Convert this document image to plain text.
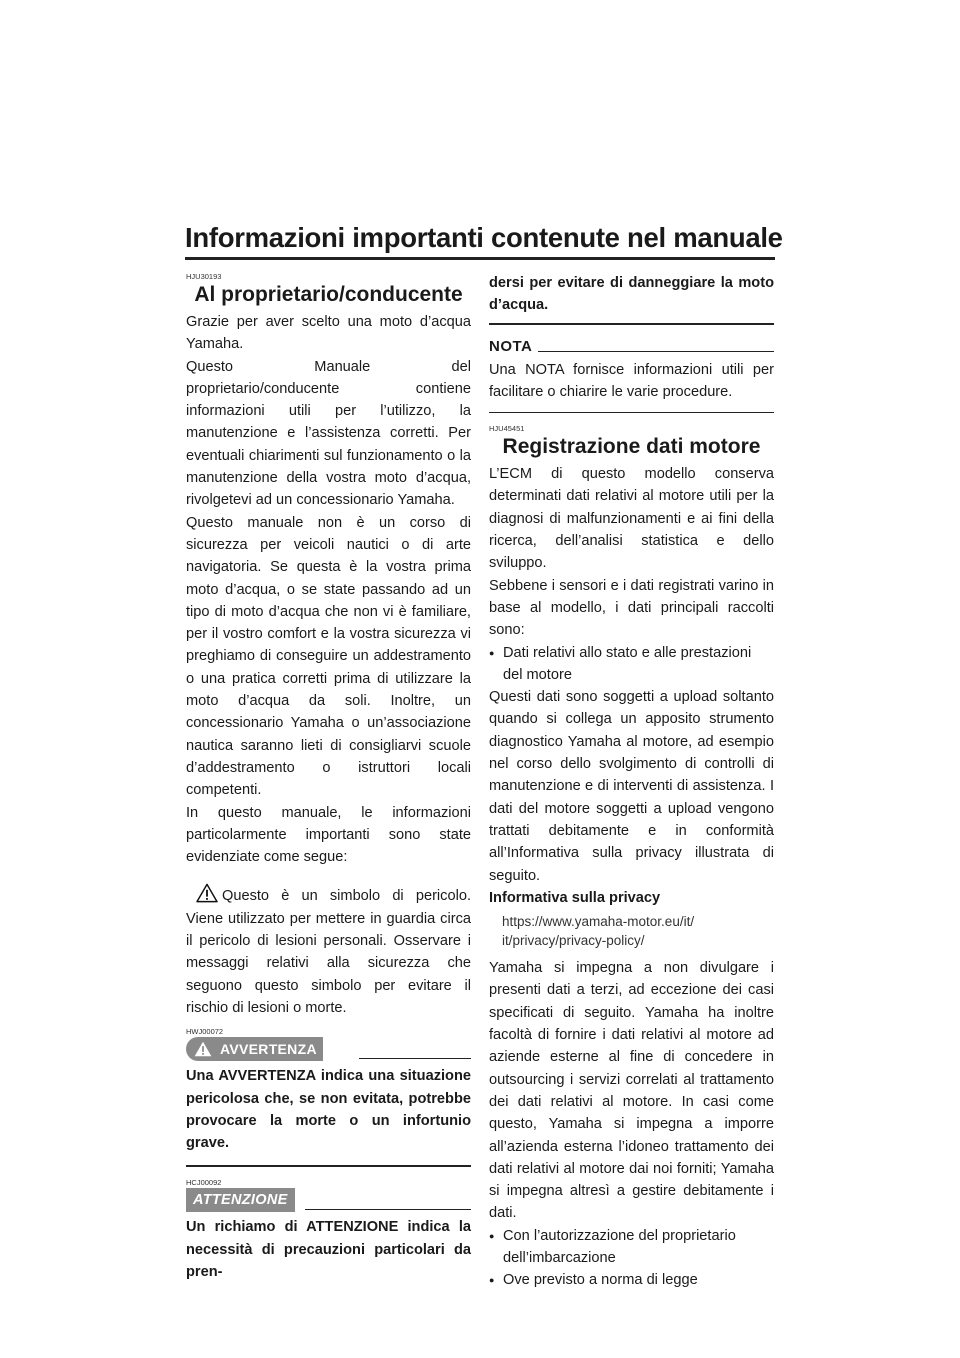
Informazioni importanti contenute nel manuale
HJU30193
Al proprietario/conducente

Grazie per aver scelto una moto d’acqua Yamaha.

Questo Manuale del proprietario/conducente contiene informazioni utili per l’utilizzo, la manutenzione e l’assistenza corretti. Per eventuali chiarimenti sul funzionamento o la manutenzione della vostra moto d’acqua, rivolgetevi ad un concessionario Yamaha.

Questo manuale non è un corso di sicurezza per veicoli nautici o di arte navigatoria. Se questa è la vostra prima moto d’acqua, o se state passando ad un tipo di moto d’acqua che non vi è familiare, per il vostro comfort e la vostra sicurezza vi preghiamo di conseguire un addestramento o una pratica corretti prima di utilizzare la moto d’acqua da soli. Inoltre, un concessionario Yamaha o un’associazione nautica saranno lieti di consigliarvi scuole d’addestramento o istruttori locali competenti.

In questo manuale, le informazioni particolarmente importanti sono state evidenziate come segue:

Questo è un simbolo di pericolo. Viene utilizzato per mettere in guardia circa il pericolo di lesioni personali. Osservare i messaggi relativi alla sicurezza che seguono questo simbolo per evitare il rischio di lesioni o morte.

HWJ00072
AVVERTENZA

Una AVVERTENZA indica una situazione pericolosa che, se non evitata, potrebbe provocare la morte o un infortunio grave.

HCJ00092
ATTENZIONE

Un richiamo di ATTENZIONE indica la necessità di precauzioni particolari da pren-

dersi per evitare di danneggiare la moto d’acqua.

NOTA

Una NOTA fornisce informazioni utili per facilitare o chiarire le varie procedure.

HJU45451
Registrazione dati motore

L’ECM di questo modello conserva determinati dati relativi al motore utili per la diagnosi di malfunzionamenti e ai fini della ricerca, dell’analisi statistica e dello sviluppo.

Sebbene i sensori e i dati registrati varino in base al modello, i dati principali raccolti sono:

● Dati relativi allo stato e alle prestazioni del motore

Questi dati sono soggetti a upload soltanto quando si collega un apposito strumento diagnostico Yamaha al motore, ad esempio nel corso dello svolgimento di controlli di manutenzione e di interventi di assistenza. I dati del motore soggetti a upload vengono trattati debitamente e in conformità all’Informativa sulla privacy illustrata di seguito.

Informativa sulla privacy

https://www.yamaha-motor.eu/it/
it/privacy/privacy-policy/

Yamaha si impegna a non divulgare i presenti dati a terzi, ad eccezione dei casi specificati di seguito. Yamaha ha inoltre facoltà di fornire i dati relativi al motore ad aziende esterne al fine di concedere in outsourcing i servizi correlati al trattamento dei dati relativi al motore. In casi come questo, Yamaha si impegna a imporre all’azienda esterna l’idoneo trattamento dei dati relativi al motore dai noi forniti; Yamaha si impegna altresì a gestire debitamente i dati.

● Con l’autorizzazione del proprietario dell’imbarcazione
● Ove previsto a norma di legge
